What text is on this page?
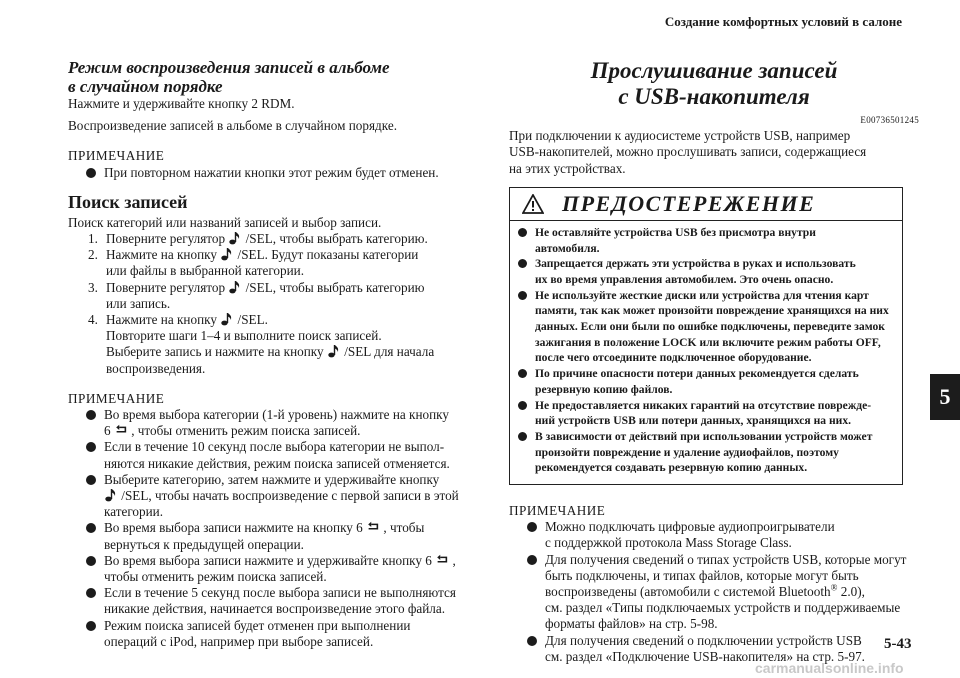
Создание комфортных условий в салоне
5
5-43
carmanualsonline.info
Режим воспроизведения записей в альбоме
в случайном порядке

Нажмите и удерживайте кнопку 2 RDM.

Воспроизведение записей в альбоме в случайном порядке.

ПРИМЕЧАНИЕ

При повторном нажатии кнопки этот режим будет отменен.
Поиск записей

Поиск категорий или названий записей и выбор записи.

1. Поверните регулятор /SEL, чтобы выбрать категорию.
2. Нажмите на кнопку /SEL. Будут показаны категории
или файлы в выбранной категории.
3. Поверните регулятор /SEL, чтобы выбрать категорию
или запись.
4. Нажмите на кнопку /SEL.
Повторите шаги 1–4 и выполните поиск записей.
Выберите запись и нажмите на кнопку /SEL для начала
воспроизведения.

ПРИМЕЧАНИЕ

Во время выбора категории (1-й уровень) нажмите на кнопку
6 , чтобы отменить режим поиска записей.
Если в течение 10 секунд после выбора категории не выпол-
няются никакие действия, режим поиска записей отменяется.
Выберите категорию, затем нажмите и удерживайте кнопку
/SEL, чтобы начать воспроизведение с первой записи в этой
категории.
Во время выбора записи нажмите на кнопку 6 , чтобы
вернуться к предыдущей операции.
Во время выбора записи нажмите и удерживайте кнопку 6 ,
чтобы отменить режим поиска записей.
Если в течение 5 секунд после выбора записи не выполняются
никакие действия, начинается воспроизведение этого файла.
Режим поиска записей будет отменен при выполнении
операций с iPod, например при выборе записей.
Прослушивание записей
с USB-накопителя
E00736501245

При подключении к аудиосистеме устройств USB, например
USB-накопителей, можно прослушивать записи, содержащиеся
на этих устройствах.

ПРЕДОСТЕРЕЖЕНИЕ
Не оставляйте устройства USB без присмотра внутри
автомобиля.
Запрещается держать эти устройства в руках и использовать
их во время управления автомобилем. Это очень опасно.
Не используйте жесткие диски или устройства для чтения карт
памяти, так как может произойти повреждение хранящихся на них
данных. Если они были по ошибке подключены, переведите замок
зажигания в положение LOCK или включите режим работы OFF,
после чего отсоедините подключенное оборудование.
По причине опасности потери данных рекомендуется сделать
резервную копию файлов.
Не предоставляется никаких гарантий на отсутствие поврежде-
ний устройств USB или потери данных, хранящихся на них.
В зависимости от действий при использовании устройств может
произойти повреждение и удаление аудиофайлов, поэтому
рекомендуется создавать резервную копию данных.

ПРИМЕЧАНИЕ

Можно подключать цифровые аудиопроигрыватели
с поддержкой протокола Mass Storage Class.
Для получения сведений о типах устройств USB, которые могут
быть подключены, и типах файлов, которые могут быть
воспроизведены (автомобили с системой Bluetooth® 2.0),
см. раздел «Типы подключаемых устройств и поддерживаемые
форматы файлов» на стр. 5-98.
Для получения сведений о подключении устройств USB
см. раздел «Подключение USB-накопителя» на стр. 5-97.
